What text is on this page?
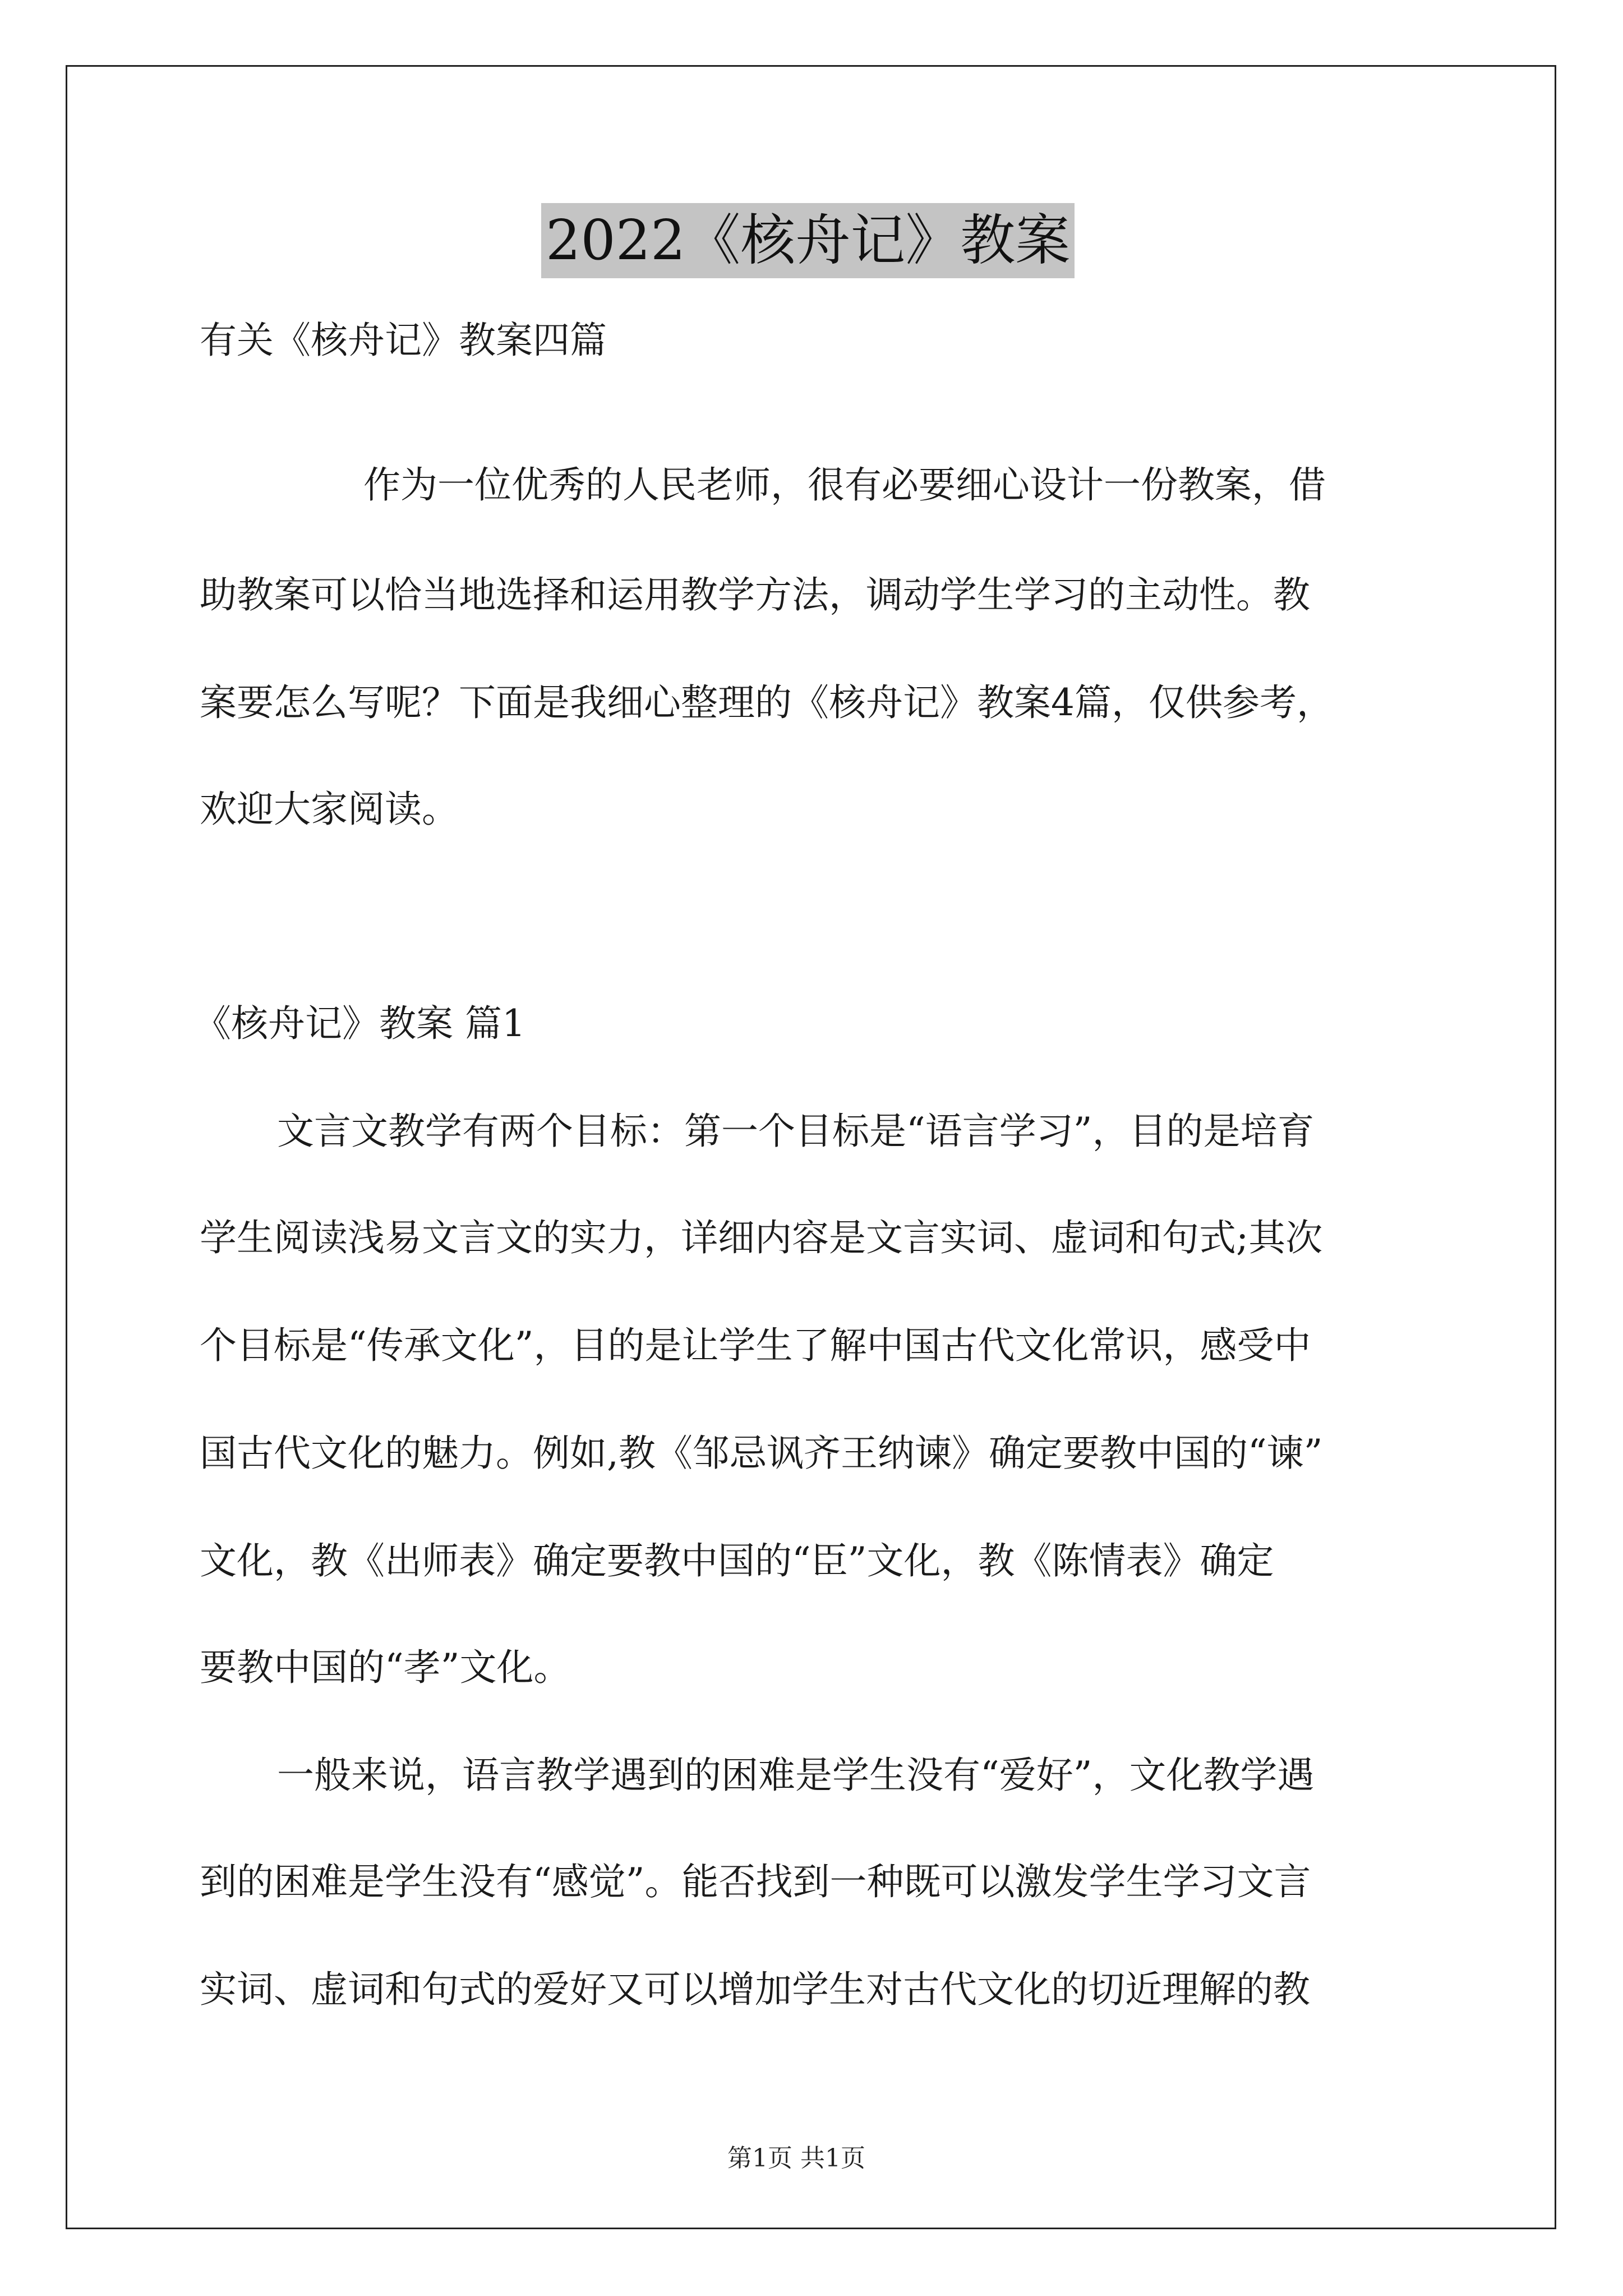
2022《核舟记》教案
有关《核舟记》教案四篇
作为一位优秀的人民老师，很有必要细心设计一份教案，借
助教案可以恰当地选择和运用教学方法，调动学生学习的主动性。教
案要怎么写呢？下面是我细心整理的《核舟记》教案4篇，仅供参考，
欢迎大家阅读。
《核舟记》教案 篇1
文言文教学有两个目标：第一个目标是“语言学习”，目的是培育
学生阅读浅易文言文的实力，详细内容是文言实词、虚词和句式;其次
个目标是“传承文化”，目的是让学生了解中国古代文化常识，感受中
国古代文化的魅力。例如,教《邹忌讽齐王纳谏》确定要教中国的“谏”
文化，教《出师表》确定要教中国的“臣”文化，教《陈情表》确定
要教中国的“孝”文化。
一般来说，语言教学遇到的困难是学生没有“爱好”，文化教学遇
到的困难是学生没有“感觉”。能否找到一种既可以激发学生学习文言
实词、虚词和句式的爱好又可以增加学生对古代文化的切近理解的教
第1页 共1页
